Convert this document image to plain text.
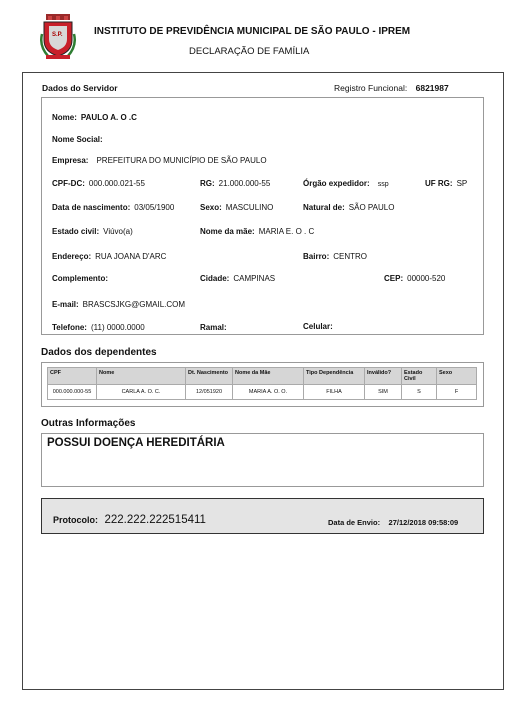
S.P.	INSTITUTO DE PREVIDÊNCIA MUNICIPAL DE SÃO PAULO - IPREM
DECLARAÇÃO DE FAMÍLIA
Dados do Servidor	Registro Funcional: 6821987
Nome: PAULO A. O .C
Nome Social:
Empresa: PREFEITURA DO MUNICÍPIO DE SÃO PAULO
CPF-DC: 000.000.021-55	RG: 21.000.000-55	Órgão expedidor: ssp	UF RG: SP
Data de nascimento: 03/05/1900	Sexo: MASCULINO	Natural de: SÃO PAULO
Estado civil: Viúvo(a)	Nome da mãe: MARIA E. O . C
Endereço: RUA JOANA D'ARC	Bairro: CENTRO
Complemento:	Cidade: CAMPINAS	CEP: 00000-520
E-mail: BRASCSJKG@GMAIL.COM
Telefone: (11) 0000.0000	Ramal:	Celular:
Dados dos dependentes
CPF	Nome	Dt. Nascimento	Nome da Mãe	Tipo Dependência	Inválido?	Estado Civil	Sexo
000.000.000-55	CARLA A. O. C.	12/051920	MARIA A. O. O.	FILHA	SIM	S	F
Outras Informações
POSSUI DOENÇA HEREDITÁRIA
Protocolo: 222.222.222515411	Data de Envio: 27/12/2018 09:58:09
